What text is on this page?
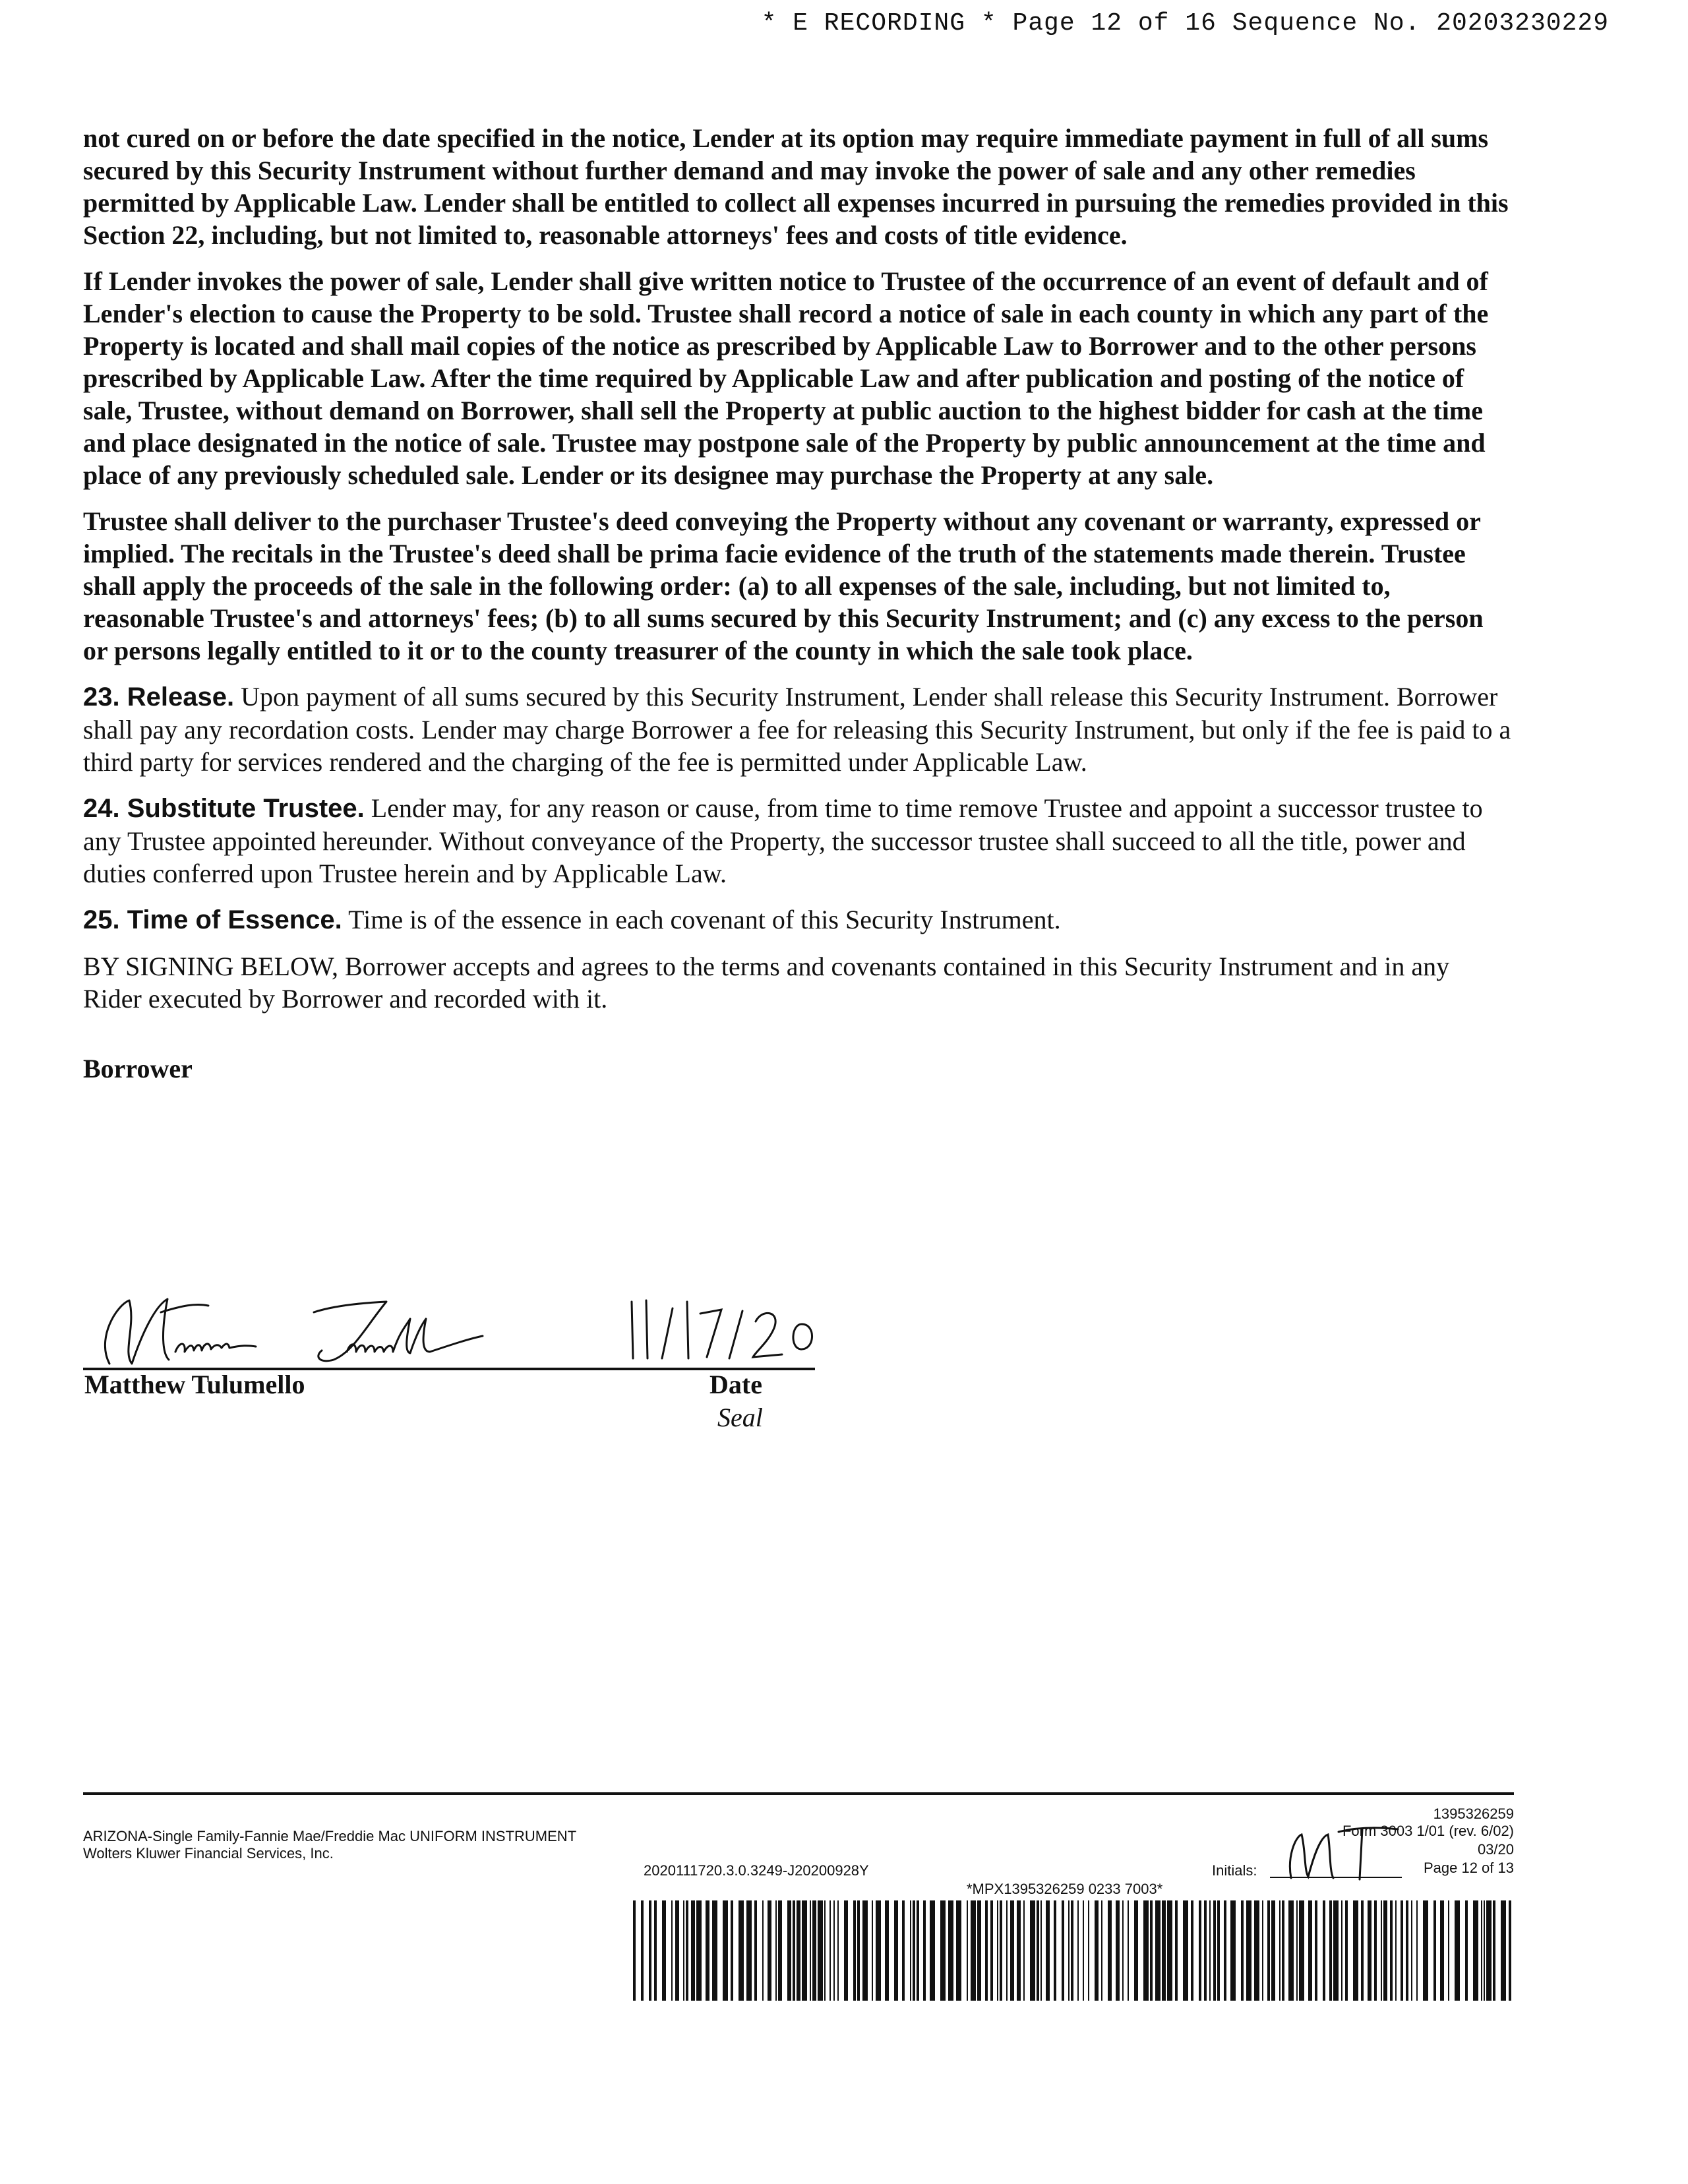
* E RECORDING * Page 12 of 16 Sequence No. 20203230229

not cured on or before the date specified in the notice, Lender at its option may require immediate payment in full of all sums secured by this Security Instrument without further demand and may invoke the power of sale and any other remedies permitted by Applicable Law. Lender shall be entitled to collect all expenses incurred in pursuing the remedies provided in this Section 22, including, but not limited to, reasonable attorneys' fees and costs of title evidence.

If Lender invokes the power of sale, Lender shall give written notice to Trustee of the occurrence of an event of default and of Lender's election to cause the Property to be sold. Trustee shall record a notice of sale in each county in which any part of the Property is located and shall mail copies of the notice as prescribed by Applicable Law to Borrower and to the other persons prescribed by Applicable Law. After the time required by Applicable Law and after publication and posting of the notice of sale, Trustee, without demand on Borrower, shall sell the Property at public auction to the highest bidder for cash at the time and place designated in the notice of sale. Trustee may postpone sale of the Property by public announcement at the time and place of any previously scheduled sale. Lender or its designee may purchase the Property at any sale.

Trustee shall deliver to the purchaser Trustee's deed conveying the Property without any covenant or warranty, expressed or implied. The recitals in the Trustee's deed shall be prima facie evidence of the truth of the statements made therein. Trustee shall apply the proceeds of the sale in the following order: (a) to all expenses of the sale, including, but not limited to, reasonable Trustee's and attorneys' fees; (b) to all sums secured by this Security Instrument; and (c) any excess to the person or persons legally entitled to it or to the county treasurer of the county in which the sale took place.

23. Release. Upon payment of all sums secured by this Security Instrument, Lender shall release this Security Instrument. Borrower shall pay any recordation costs. Lender may charge Borrower a fee for releasing this Security Instrument, but only if the fee is paid to a third party for services rendered and the charging of the fee is permitted under Applicable Law.

24. Substitute Trustee. Lender may, for any reason or cause, from time to time remove Trustee and appoint a successor trustee to any Trustee appointed hereunder. Without conveyance of the Property, the successor trustee shall succeed to all the title, power and duties conferred upon Trustee herein and by Applicable Law.

25. Time of Essence. Time is of the essence in each covenant of this Security Instrument.

BY SIGNING BELOW, Borrower accepts and agrees to the terms and covenants contained in this Security Instrument and in any Rider executed by Borrower and recorded with it.

Borrower

Matthew Tulumello	Date
Seal
ARIZONA-Single Family-Fannie Mae/Freddie Mac UNIFORM INSTRUMENT
Wolters Kluwer Financial Services, Inc.
2020111720.3.0.3249-J20200928Y	Initials:
1395326259
Form 3003 1/01 (rev. 6/02)
03/20
Page 12 of 13
*MPX1395326259 0233 7003*
